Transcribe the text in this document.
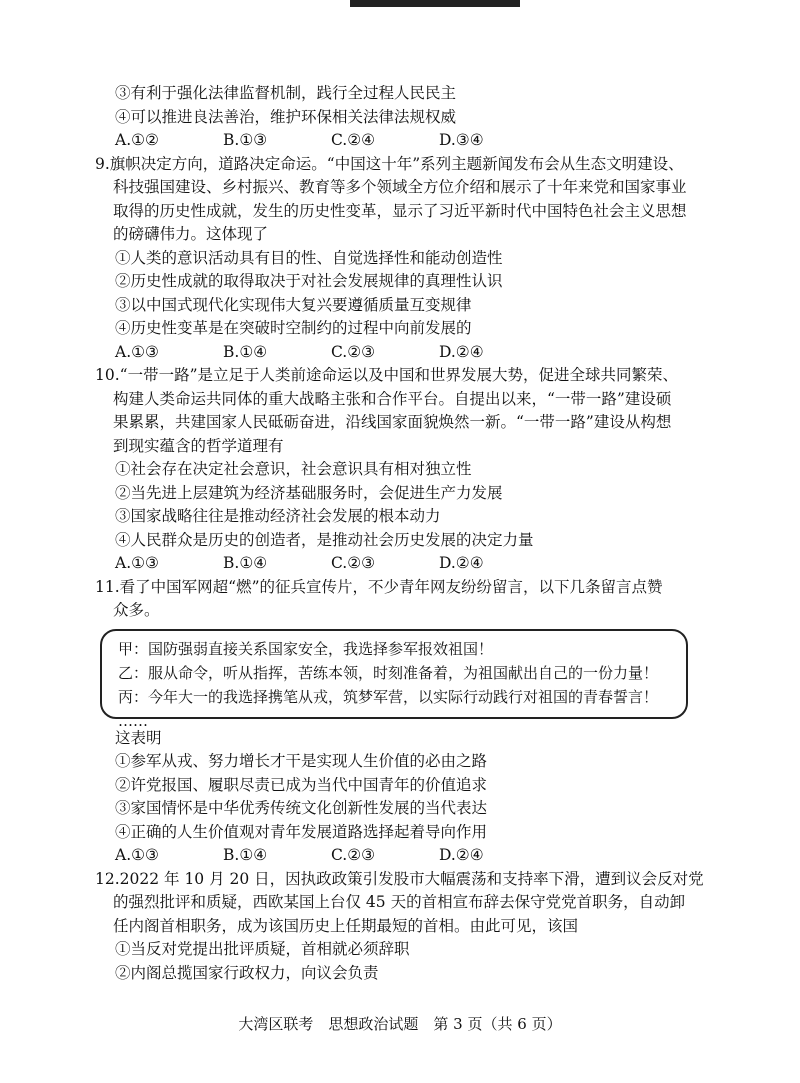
③有利于强化法律监督机制，践行全过程人民民主
④可以推进良法善治，维护环保相关法律法规权威
A.①②	B.①③	C.②④	D.③④
9.旗帜决定方向，道路决定命运。“中国这十年”系列主题新闻发布会从生态文明建设、
科技强国建设、乡村振兴、教育等多个领域全方位介绍和展示了十年来党和国家事业
取得的历史性成就，发生的历史性变革，显示了习近平新时代中国特色社会主义思想
的磅礴伟力。这体现了
①人类的意识活动具有目的性、自觉选择性和能动创造性
②历史性成就的取得取决于对社会发展规律的真理性认识
③以中国式现代化实现伟大复兴要遵循质量互变规律
④历史性变革是在突破时空制约的过程中向前发展的
A.①③	B.①④	C.②③	D.②④
10.“一带一路”是立足于人类前途命运以及中国和世界发展大势，促进全球共同繁荣、
构建人类命运共同体的重大战略主张和合作平台。自提出以来，“一带一路”建设硕
果累累，共建国家人民砥砺奋进，沿线国家面貌焕然一新。“一带一路”建设从构想
到现实蕴含的哲学道理有
①社会存在决定社会意识，社会意识具有相对独立性
②当先进上层建筑为经济基础服务时，会促进生产力发展
③国家战略往往是推动经济社会发展的根本动力
④人民群众是历史的创造者，是推动社会历史发展的决定力量
A.①③	B.①④	C.②③	D.②④
11.看了中国军网超“燃”的征兵宣传片，不少青年网友纷纷留言，以下几条留言点赞
众多。
甲：国防强弱直接关系国家安全，我选择参军报效祖国！
乙：服从命令，听从指挥，苦练本领，时刻准备着，为祖国献出自己的一份力量！
丙：今年大一的我选择携笔从戎，筑梦军营，以实际行动践行对祖国的青春誓言！
……
这表明
①参军从戎、努力增长才干是实现人生价值的必由之路
②许党报国、履职尽责已成为当代中国青年的价值追求
③家国情怀是中华优秀传统文化创新性发展的当代表达
④正确的人生价值观对青年发展道路选择起着导向作用
A.①③	B.①④	C.②③	D.②④
12.2022 年 10 月 20 日，因执政政策引发股市大幅震荡和支持率下滑，遭到议会反对党
的强烈批评和质疑，西欧某国上台仅 45 天的首相宣布辞去保守党党首职务，自动卸
任内阁首相职务，成为该国历史上任期最短的首相。由此可见，该国
①当反对党提出批评质疑，首相就必须辞职
②内阁总揽国家行政权力，向议会负责
大湾区联考　思想政治试题　第 3 页（共 6 页）
